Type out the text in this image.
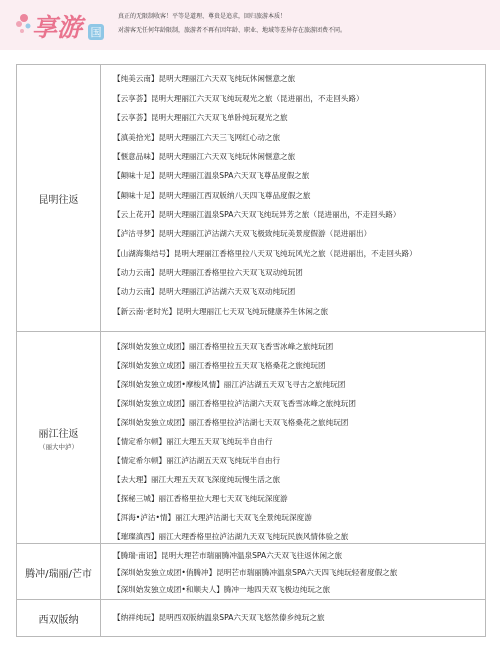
享游 国
真正的无限制收客！平等是道理、尊贵是追求，回归旅游本质！
对游客无任何年龄限制，旅游者不再有因年龄、职业、地域等差异存在旅游团费不同。
昆明往返
【纯美云南】昆明大理丽江六天双飞纯玩休闲惬意之旅
【云享荟】昆明大理丽江六天双飞纯玩观光之旅（昆进丽出，不走回头路）
【云享荟】昆明大理丽江六天双飞单卧纯玩观光之旅
【滇美拾光】昆明大理丽江六天三飞网红心动之旅
【惬意品味】昆明大理丽江六天双飞纯玩休闲惬意之旅
【颠味十足】昆明大理丽江温泉SPA六天双飞尊品度假之旅
【颠味十足】昆明大理丽江西双版纳八天四飞尊品度假之旅
【云上花开】昆明大理丽江温泉SPA六天双飞纯玩异芳之旅（昆进丽出，不走回头路）
【泸沽寻梦】昆明大理丽江泸沽湖六天双飞极致纯玩美景度假游（昆进丽出）
【山湖海集结号】昆明大理丽江香格里拉八天双飞纯玩风光之旅（昆进丽出，不走回头路）
【动力云南】昆明大理丽江香格里拉六天双飞双动纯玩团
【动力云南】昆明大理丽江泸沽湖六天双飞双动纯玩团
【新云南·老时光】昆明大理丽江七天双飞纯玩健康养生休闲之旅
丽江往返
（丽大中泸）
【深圳始发独立成团】丽江香格里拉五天双飞香雪冰峰之旅纯玩团
【深圳始发独立成团】丽江香格里拉五天双飞格桑花之旅纯玩团
【深圳始发独立成团•摩梭风情】丽江泸沽湖五天双飞寻古之旅纯玩团
【深圳始发独立成团】丽江香格里拉泸沽湖六天双飞香雪冰峰之旅纯玩团
【深圳始发独立成团】丽江香格里拉泸沽湖七天双飞格桑花之旅纯玩团
【情定希尔顿】丽江大理五天双飞纯玩半自由行
【情定希尔顿】丽江泸沽湖五天双飞纯玩半自由行
【去大理】丽江大理五天双飞深度纯玩慢生活之旅
【探秘三城】丽江香格里拉大理七天双飞纯玩深度游
【洱海•泸沽•情】丽江大理泸沽湖七天双飞全景纯玩深度游
【璀璨滇西】丽江大理香格里拉泸沽湖九天双飞纯玩民族风情体验之旅
腾冲/瑞丽/芒市
【腾瑞·南诏】昆明大理芒市瑞丽腾冲温泉SPA六天双飞往返休闲之旅
【深圳始发独立成团•俏腾冲】昆明芒市瑞丽腾冲温泉SPA六天四飞纯玩轻奢度假之旅
【深圳始发独立成团•和顺夫人】腾冲一地四天双飞极边纯玩之旅
西双版纳	【纳祥纯玩】昆明西双版纳温泉SPA六天双飞悠然傣乡纯玩之旅
